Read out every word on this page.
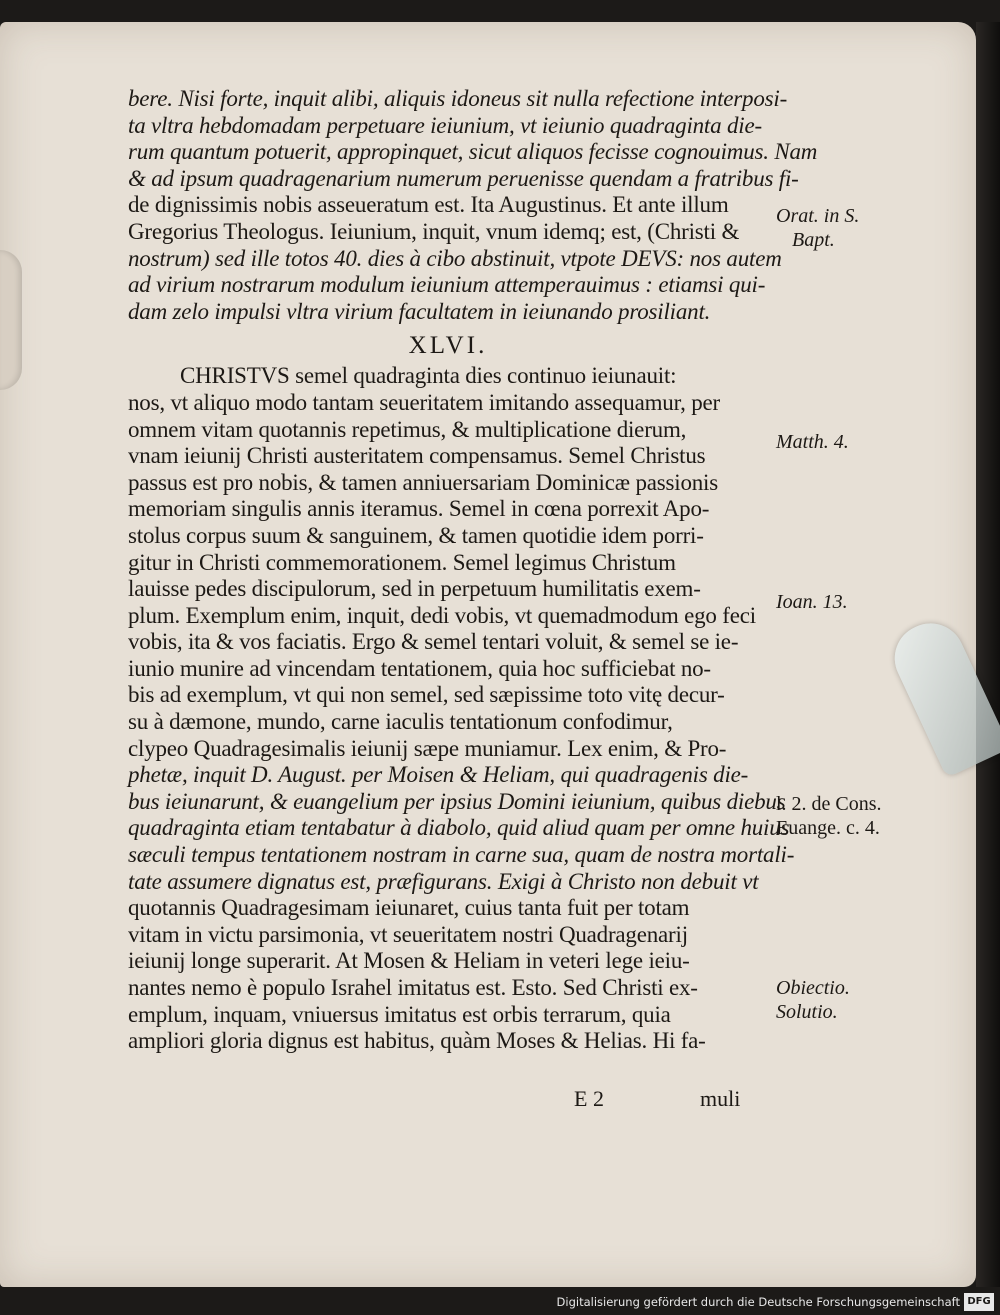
bere. Nisi forte, inquit alibi, aliquis idoneus sit nulla refectione interposi-
ta vltra hebdomadam perpetuare ieiunium, vt ieiunio quadraginta die-
rum quantum potuerit, appropinquet, sicut aliquos fecisse cognouimus. Nam
& ad ipsum quadragenarium numerum peruenisse quendam a fratribus fi-
de dignissimis nobis asseueratum est. Ita Augustinus. Et ante illum
Gregorius Theologus. Ieiunium, inquit, vnum idemq; est, (Christi &
nostrum) sed ille totos 40. dies à cibo abstinuit, vtpote DEVS: nos autem
ad virium nostrarum modulum ieiunium attemperauimus : etiamsi qui-
dam zelo impulsi vltra virium facultatem in ieiunando prosiliant.
XLVI.
CHRISTVS semel quadraginta dies continuo ieiunauit:
nos, vt aliquo modo tantam seueritatem imitando assequamur, per
omnem vitam quotannis repetimus, & multiplicatione dierum,
vnam ieiunij Christi austeritatem compensamus. Semel Christus
passus est pro nobis, & tamen anniuersariam Dominicæ passionis
memoriam singulis annis iteramus. Semel in cœna porrexit Apo-
stolus corpus suum & sanguinem, & tamen quotidie idem porri-
gitur in Christi commemorationem. Semel legimus Christum
lauisse pedes discipulorum, sed in perpetuum humilitatis exem-
plum. Exemplum enim, inquit, dedi vobis, vt quemadmodum ego feci
vobis, ita & vos faciatis. Ergo & semel tentari voluit, & semel se ie-
iunio munire ad vincendam tentationem, quia hoc sufficiebat no-
bis ad exemplum, vt qui non semel, sed sæpissime toto vitę decur-
su à dæmone, mundo, carne iaculis tentationum confodimur,
clypeo Quadragesimalis ieiunij sæpe muniamur. Lex enim, & Pro-
phetæ, inquit D. August. per Moisen & Heliam, qui quadragenis die-
bus ieiunarunt, & euangelium per ipsius Domini ieiunium, quibus diebus
quadraginta etiam tentabatur à diabolo, quid aliud quam per omne huius
sæculi tempus tentationem nostram in carne sua, quam de nostra mortali-
tate assumere dignatus est, præfigurans. Exigi à Christo non debuit vt
quotannis Quadragesimam ieiunaret, cuius tanta fuit per totam
vitam in victu parsimonia, vt seueritatem nostri Quadragenarij
ieiunij longe superarit. At Mosen & Heliam in veteri lege ieiu-
nantes nemo è populo Israhel imitatus est. Esto. Sed Christi ex-
emplum, inquam, vniuersus imitatus est orbis terrarum, quia
ampliori gloria dignus est habitus, quàm Moses & Helias. Hi fa-
E 2	muli
Orat. in S.
Bapt.
Matth. 4.
Ioan. 13.
l. 2. de Cons.
Euange. c. 4.
Obiectio.
Solutio.
Digitalisierung gefördert durch die Deutsche Forschungsgemeinschaft DFG
